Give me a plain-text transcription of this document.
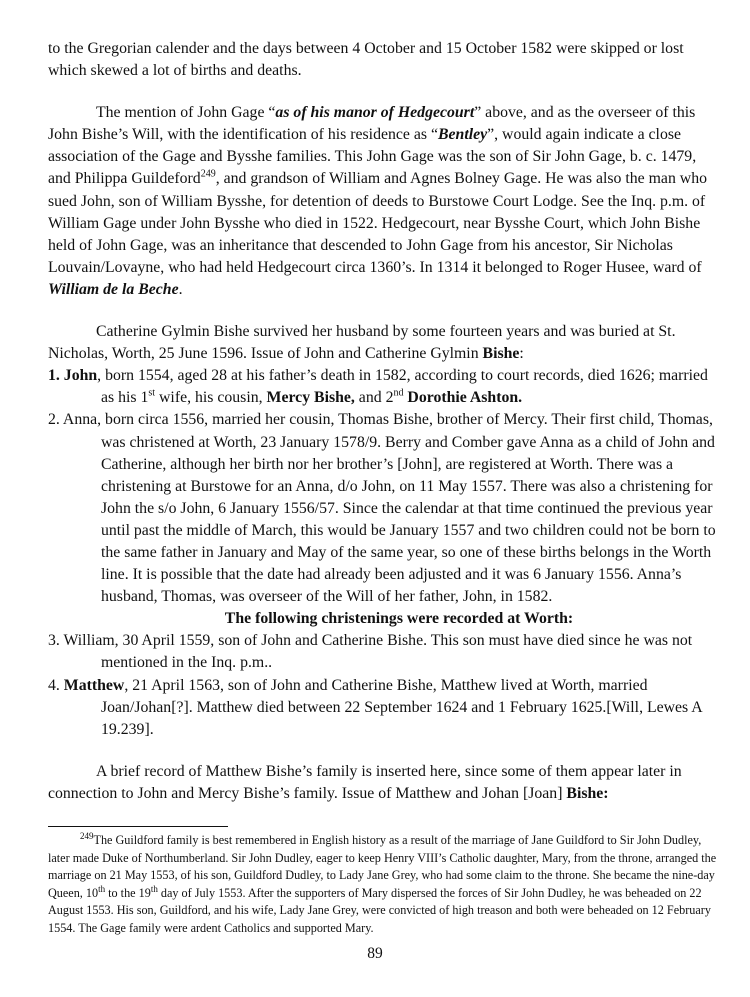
to the Gregorian calender and the days between 4 October and 15 October 1582 were skipped or lost which skewed a lot of births and deaths.

The mention of John Gage “as of his manor of Hedgecourt” above, and as the overseer of this John Bishe’s Will, with the identification of his residence as “Bentley”, would again indicate a close association of the Gage and Bysshe families. This John Gage was the son of Sir John Gage, b. c. 1479, and Philippa Guildeford$^{249}$, and grandson of William and Agnes Bolney Gage. He was also the man who sued John, son of William Bysshe, for detention of deeds to Burstowe Court Lodge. See the Inq. p.m. of William Gage under John Bysshe who died in 1522. Hedgecourt, near Bysshe Court, which John Bishe held of John Gage, was an inheritance that descended to John Gage from his ancestor, Sir Nicholas Louvain/Lovayne, who had held Hedgecourt circa 1360’s. In 1314 it belonged to Roger Husee, ward of William de la Beche.

Catherine Gylmin Bishe survived her husband by some fourteen years and was buried at St. Nicholas, Worth, 25 June 1596. Issue of John and Catherine Gylmin Bishe:

1. John, born 1554, aged 28 at his father’s death in 1582, according to court records, died 1626; married as his 1st wife, his cousin, Mercy Bishe, and 2nd Dorothie Ashton.

2. Anna, born circa 1556, married her cousin, Thomas Bishe, brother of Mercy. Their first child, Thomas, was christened at Worth, 23 January 1578/9. Berry and Comber gave Anna as a child of John and Catherine, although her birth nor her brother’s [John], are registered at Worth. There was a christening at Burstowe for an Anna, d/o John, on 11 May 1557. There was also a christening for John the s/o John, 6 January 1556/57. Since the calendar at that time continued the previous year until past the middle of March, this would be January 1557 and two children could not be born to the same father in January and May of the same year, so one of these births belongs in the Worth line. It is possible that the date had already been adjusted and it was 6 January 1556. Anna’s husband, Thomas, was overseer of the Will of her father, John, in 1582.

The following christenings were recorded at Worth:

3. William, 30 April 1559, son of John and Catherine Bishe. This son must have died since he was not mentioned in the Inq. p.m..

4. Matthew, 21 April 1563, son of John and Catherine Bishe, Matthew lived at Worth, married Joan/Johan[?]. Matthew died between 22 September 1624 and 1 February 1625.[Will, Lewes A 19.239].

A brief record of Matthew Bishe’s family is inserted here, since some of them appear later in connection to John and Mercy Bishe’s family. Issue of Matthew and Johan [Joan] Bishe:

$^{249}$The Guildford family is best remembered in English history as a result of the marriage of Jane Guildford to Sir John Dudley, later made Duke of Northumberland. Sir John Dudley, eager to keep Henry VIII’s Catholic daughter, Mary, from the throne, arranged the marriage on 21 May 1553, of his son, Guildford Dudley, to Lady Jane Grey, who had some claim to the throne. She became the nine-day Queen, 10th to the 19th day of July 1553. After the supporters of Mary dispersed the forces of Sir John Dudley, he was beheaded on 22 August 1553. His son, Guildford, and his wife, Lady Jane Grey, were convicted of high treason and both were beheaded on 12 February 1554. The Gage family were ardent Catholics and supported Mary.

89
